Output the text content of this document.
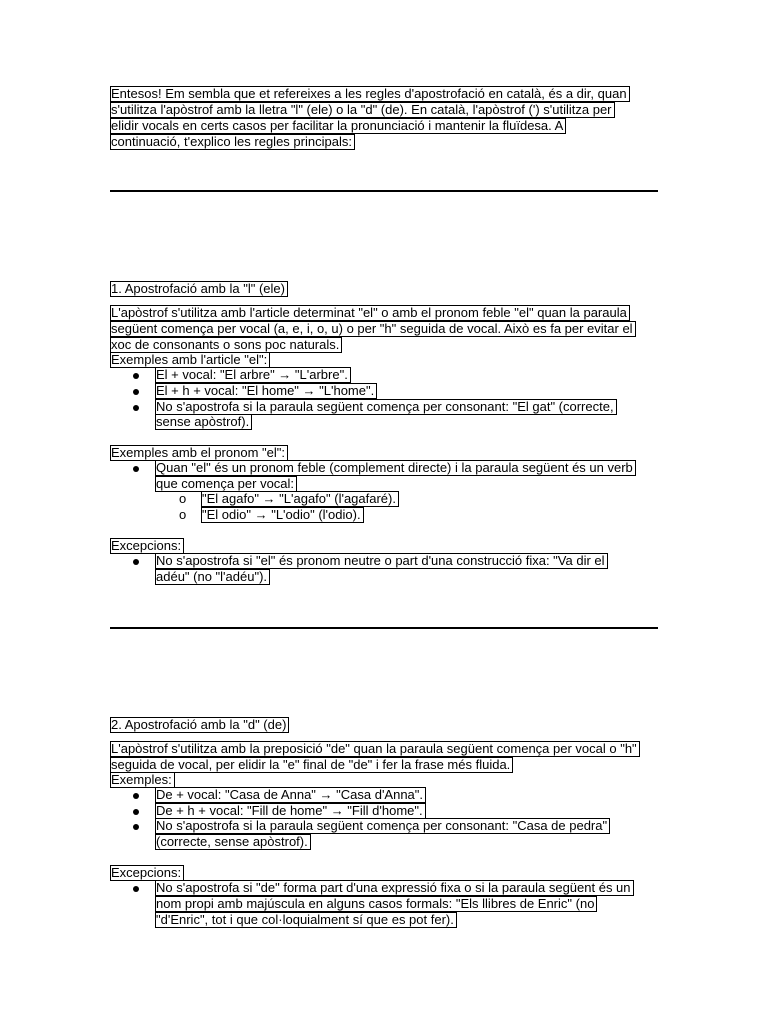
Entesos! Em sembla que et refereixes a les regles d'apostrofació en català, és a dir, quan
s'utilitza l'apòstrof amb la lletra "l" (ele) o la "d" (de). En català, l'apòstrof (') s'utilitza per
elidir vocals en certs casos per facilitar la pronunciació i mantenir la fluïdesa. A
continuació, t'explico les regles principals:
1. Apostrofació amb la "l" (ele)
L'apòstrof s'utilitza amb l'article determinat "el" o amb el pronom feble "el" quan la paraula
següent comença per vocal (a, e, i, o, u) o per "h" seguida de vocal. Això es fa per evitar el
xoc de consonants o sons poc naturals.
Exemples amb l'article "el":
El + vocal: "El arbre" → "L'arbre".
El + h + vocal: "El home" → "L'home".
No s'apostrofa si la paraula següent comença per consonant: "El gat" (correcte,
sense apòstrof).
Exemples amb el pronom "el":
Quan "el" és un pronom feble (complement directe) i la paraula següent és un verb
que comença per vocal:
o "El agafo" → "L'agafo" (l'agafaré).
o "El odio" → "L'odio" (l'odio).
Excepcions:
No s'apostrofa si "el" és pronom neutre o part d'una construcció fixa: "Va dir el
adéu" (no "l'adéu").
2. Apostrofació amb la "d" (de)
L'apòstrof s'utilitza amb la preposició "de" quan la paraula següent comença per vocal o "h"
seguida de vocal, per elidir la "e" final de "de" i fer la frase més fluida.
Exemples:
De + vocal: "Casa de Anna" → "Casa d'Anna".
De + h + vocal: "Fill de home" → "Fill d'home".
No s'apostrofa si la paraula següent comença per consonant: "Casa de pedra"
(correcte, sense apòstrof).
Excepcions:
No s'apostrofa si "de" forma part d'una expressió fixa o si la paraula següent és un
nom propi amb majúscula en alguns casos formals: "Els llibres de Enric" (no
"d'Enric", tot i que col·loquialment sí que es pot fer).
